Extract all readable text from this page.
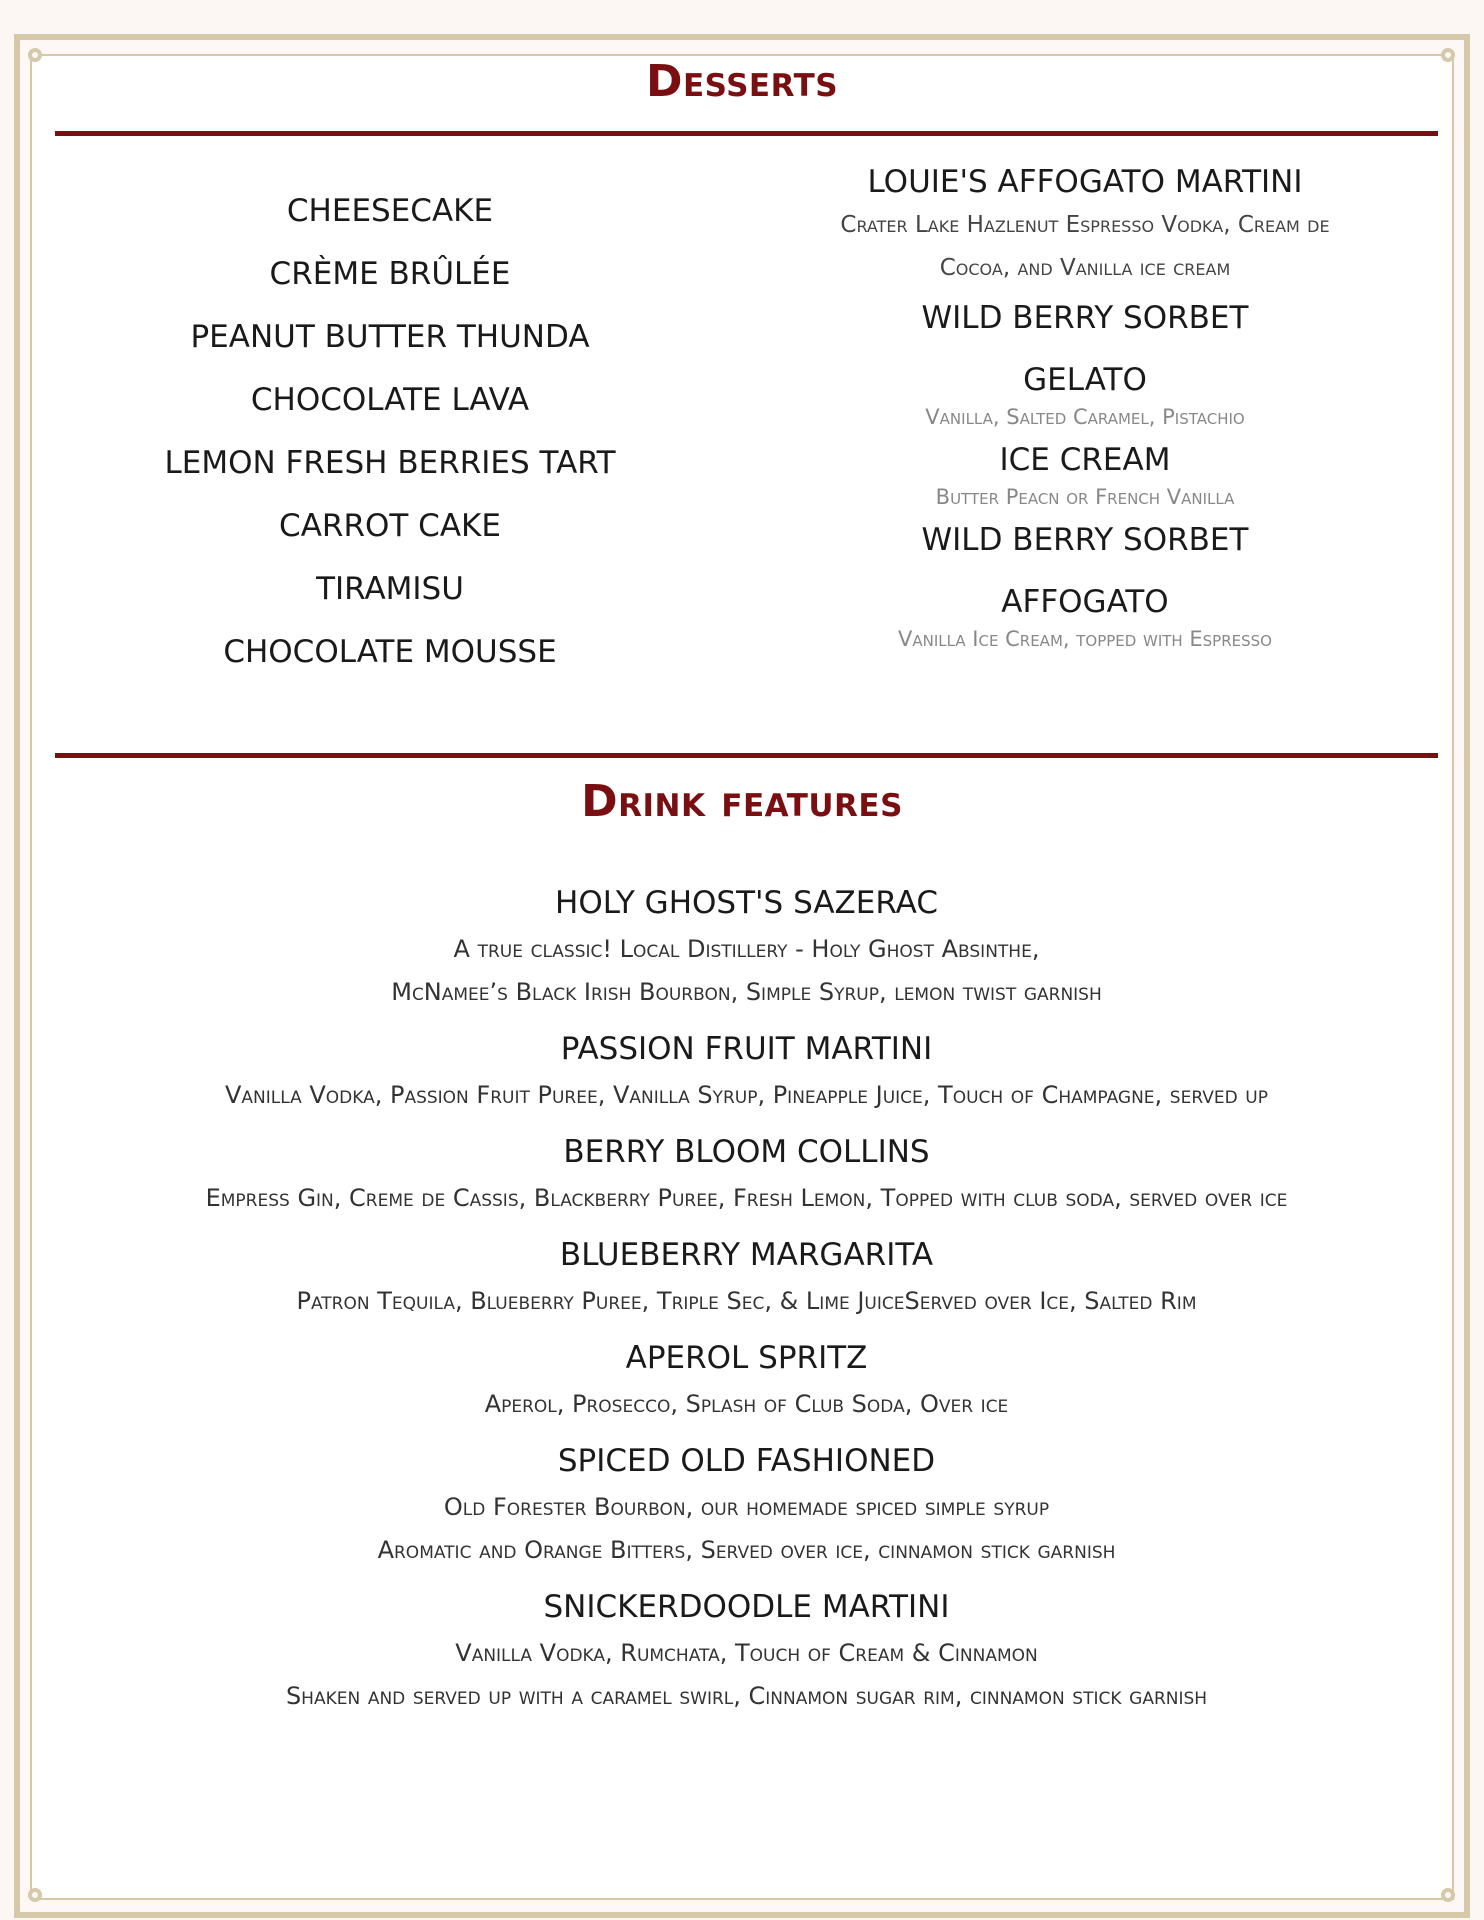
Desserts
CHEESECAKE
CRÈME BRÛLÉE
PEANUT BUTTER THUNDA
CHOCOLATE LAVA
LEMON FRESH BERRIES TART
CARROT CAKE
TIRAMISU
CHOCOLATE MOUSSE
LOUIE'S AFFOGATO MARTINI
Crater Lake Hazlenut Espresso Vodka, Cream de
Cocoa, and Vanilla ice cream
WILD BERRY SORBET
GELATO
Vanilla, Salted Caramel, Pistachio
ICE CREAM
Butter Peacn or French Vanilla
WILD BERRY SORBET
AFFOGATO
Vanilla Ice Cream, topped with Espresso
Drink features
HOLY GHOST'S SAZERAC
A true classic! Local Distillery - Holy Ghost Absinthe,
McNamee’s Black Irish Bourbon, Simple Syrup, lemon twist garnish
PASSION FRUIT MARTINI
Vanilla Vodka, Passion Fruit Puree, Vanilla Syrup, Pineapple Juice, Touch of Champagne, served up
BERRY BLOOM COLLINS
Empress Gin, Creme de Cassis, Blackberry Puree, Fresh Lemon, Topped with club soda, served over ice
BLUEBERRY MARGARITA
Patron Tequila, Blueberry Puree, Triple Sec, & Lime JuiceServed over Ice, Salted Rim
APEROL SPRITZ
Aperol, Prosecco, Splash of Club Soda, Over ice
SPICED OLD FASHIONED
Old Forester Bourbon, our homemade spiced simple syrup
Aromatic and Orange Bitters, Served over ice, cinnamon stick garnish
SNICKERDOODLE MARTINI
Vanilla Vodka, Rumchata, Touch of Cream & Cinnamon
Shaken and served up with a caramel swirl, Cinnamon sugar rim, cinnamon stick garnish
